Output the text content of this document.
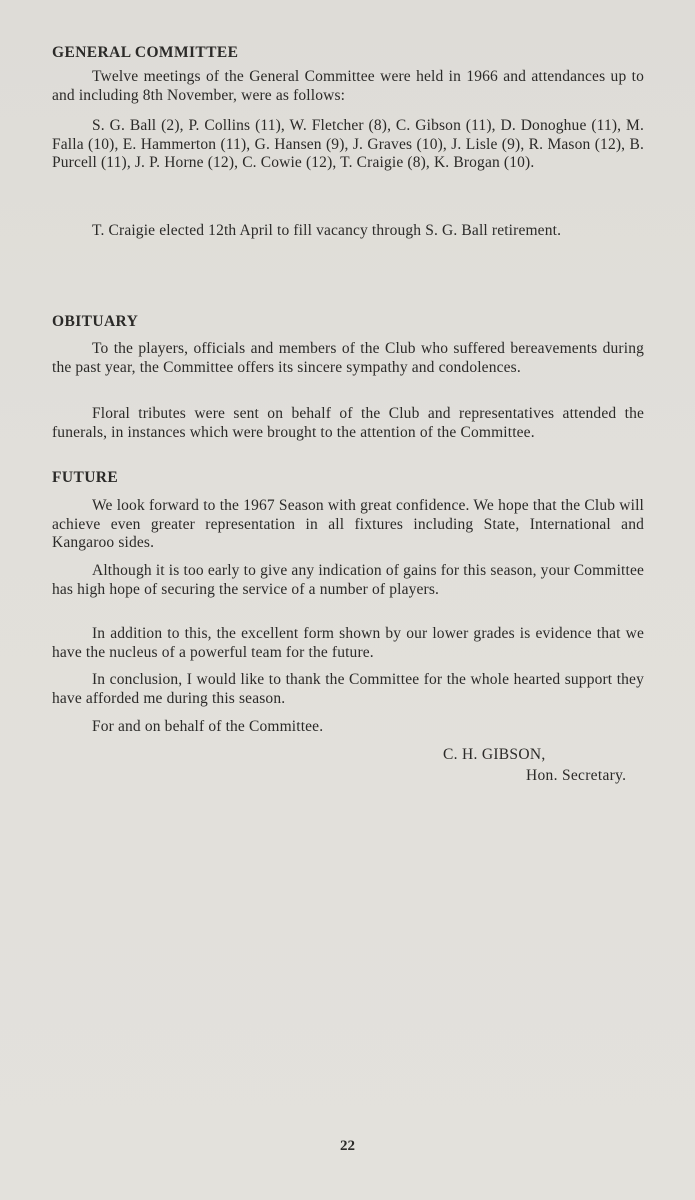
GENERAL COMMITTEE

Twelve meetings of the General Committee were held in 1966 and attendances up to and including 8th November, were as follows:

S. G. Ball (2), P. Collins (11), W. Fletcher (8), C. Gibson (11), D. Donoghue (11), M. Falla (10), E. Hammerton (11), G. Hansen (9), J. Graves (10), J. Lisle (9), R. Mason (12), B. Purcell (11), J. P. Horne (12), C. Cowie (12), T. Craigie (8), K. Brogan (10).

T. Craigie elected 12th April to fill vacancy through S. G. Ball retirement.

OBITUARY

To the players, officials and members of the Club who suffered bereavements during the past year, the Committee offers its sincere sympathy and condolences.

Floral tributes were sent on behalf of the Club and representatives attended the funerals, in instances which were brought to the attention of the Committee.

FUTURE

We look forward to the 1967 Season with great confidence. We hope that the Club will achieve even greater representation in all fixtures including State, International and Kangaroo sides.

Although it is too early to give any indication of gains for this season, your Committee has high hope of securing the service of a number of players.

In addition to this, the excellent form shown by our lower grades is evidence that we have the nucleus of a powerful team for the future.

In conclusion, I would like to thank the Committee for the whole hearted support they have afforded me during this season.

For and on behalf of the Committee.

C. H. GIBSON,
Hon. Secretary.
22
